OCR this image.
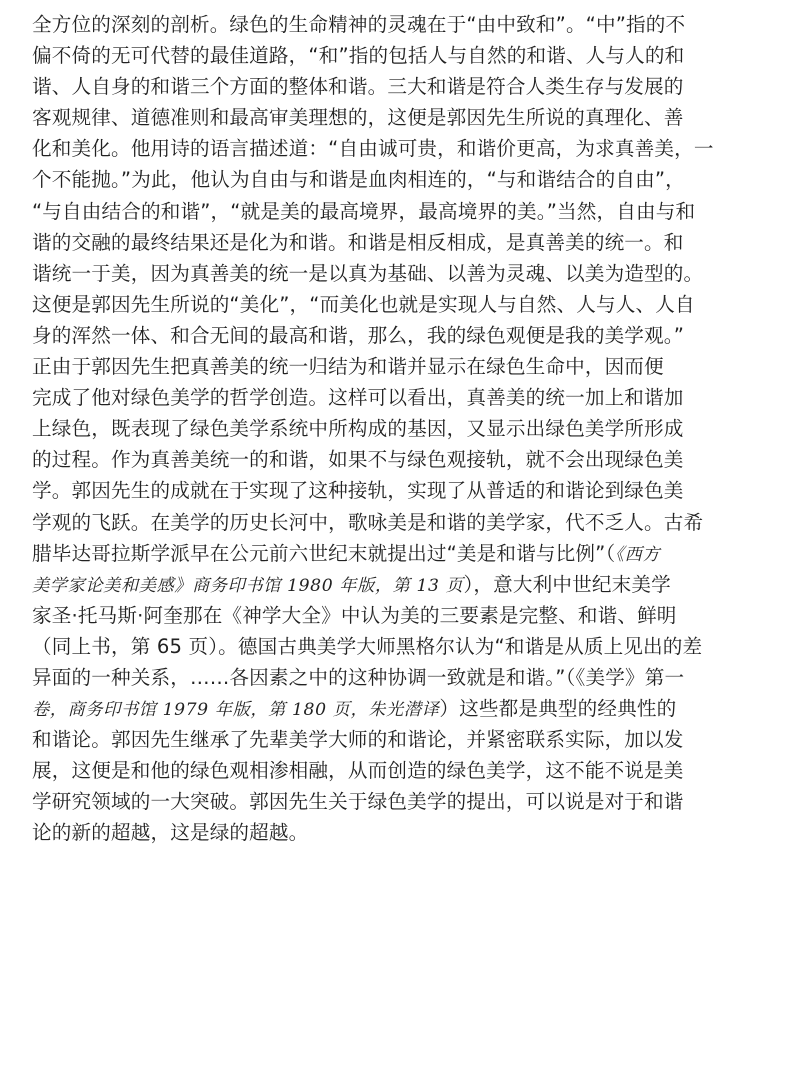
全方位的深刻的剖析。绿色的生命精神的灵魂在于“由中致和”。“中”指的不
偏不倚的无可代替的最佳道路，“和”指的包括人与自然的和谐、人与人的和
谐、人自身的和谐三个方面的整体和谐。三大和谐是符合人类生存与发展的
客观规律、道德准则和最高审美理想的，这便是郭因先生所说的真理化、善
化和美化。他用诗的语言描述道：“自由诚可贵，和谐价更高，为求真善美，一
个不能抛。”为此，他认为自由与和谐是血肉相连的，“与和谐结合的自由”，
“与自由结合的和谐”，“就是美的最高境界，最高境界的美。”当然，自由与和
谐的交融的最终结果还是化为和谐。和谐是相反相成，是真善美的统一。和
谐统一于美，因为真善美的统一是以真为基础、以善为灵魂、以美为造型的。
这便是郭因先生所说的“美化”，“而美化也就是实现人与自然、人与人、人自
身的浑然一体、和合无间的最高和谐，那么，我的绿色观便是我的美学观。”
正由于郭因先生把真善美的统一归结为和谐并显示在绿色生命中，因而便
完成了他对绿色美学的哲学创造。这样可以看出，真善美的统一加上和谐加
上绿色，既表现了绿色美学系统中所构成的基因，又显示出绿色美学所形成
的过程。作为真善美统一的和谐，如果不与绿色观接轨，就不会出现绿色美
学。郭因先生的成就在于实现了这种接轨，实现了从普适的和谐论到绿色美
学观的飞跃。在美学的历史长河中，歌咏美是和谐的美学家，代不乏人。古希
腊毕达哥拉斯学派早在公元前六世纪末就提出过“美是和谐与比例”（《西方
美学家论美和美感》商务印书馆 1980 年版，第 13 页），意大利中世纪末美学
家圣·托马斯·阿奎那在《神学大全》中认为美的三要素是完整、和谐、鲜明
（同上书，第 65 页）。德国古典美学大师黑格尔认为“和谐是从质上见出的差
异面的一种关系，……各因素之中的这种协调一致就是和谐。”（《美学》第一
卷，商务印书馆 1979 年版，第 180 页，朱光潜译）这些都是典型的经典性的
和谐论。郭因先生继承了先辈美学大师的和谐论，并紧密联系实际，加以发
展，这便是和他的绿色观相渗相融，从而创造的绿色美学，这不能不说是美
学研究领域的一大突破。郭因先生关于绿色美学的提出，可以说是对于和谐
论的新的超越，这是绿的超越。
